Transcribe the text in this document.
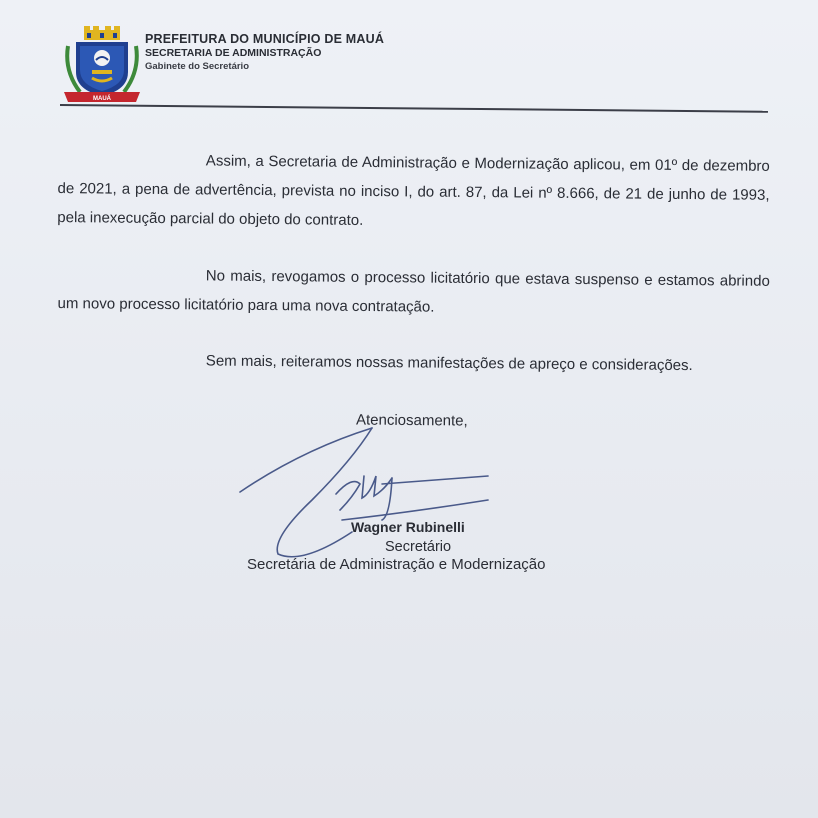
MAUÁ
PREFEITURA DO MUNICÍPIO DE MAUÁ
SECRETARIA DE ADMINISTRAÇÃO
Gabinete do Secretário
Assim, a Secretaria de Administração e Modernização aplicou, em 01º de dezembro de 2021, a pena de advertência, prevista no inciso I, do art. 87, da Lei nº 8.666, de 21 de junho de 1993, pela inexecução parcial do objeto do contrato.
No mais, revogamos o processo licitatório que estava suspenso e estamos abrindo um novo processo licitatório para uma nova contratação.
Sem mais, reiteramos nossas manifestações de apreço e considerações.
Atenciosamente,
Wagner Rubinelli
Secretário
Secretária de Administração e Modernização
